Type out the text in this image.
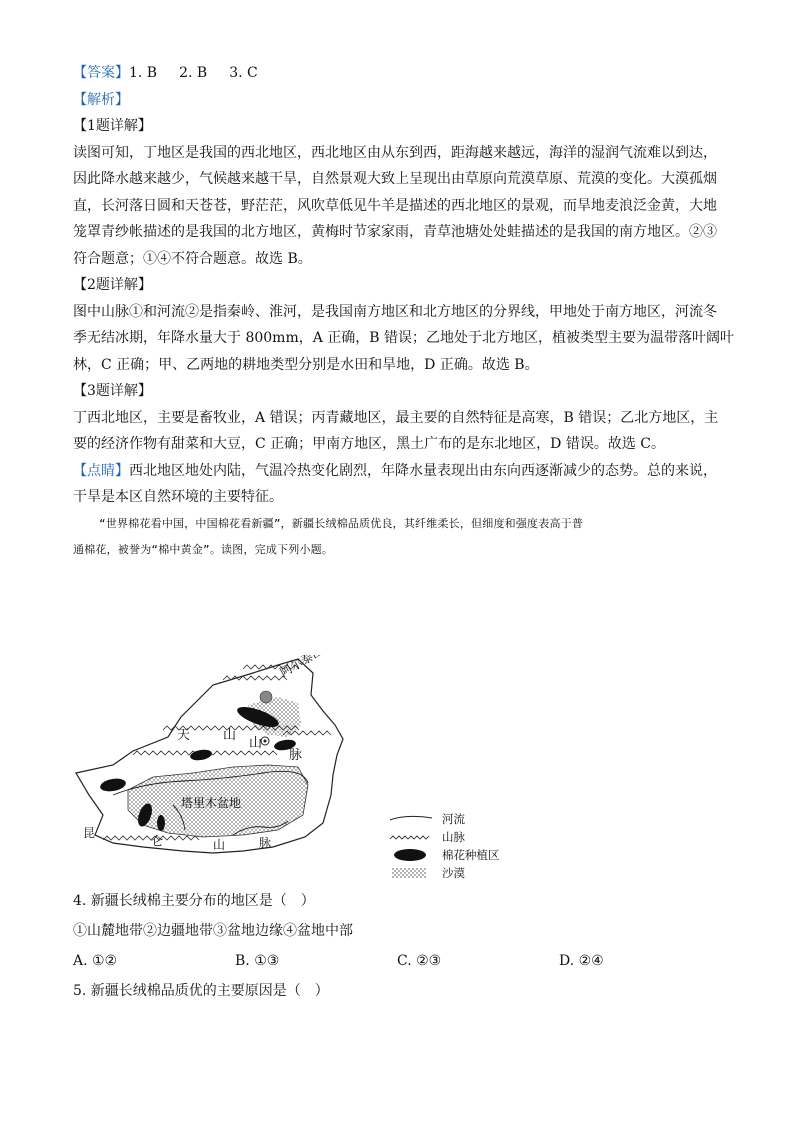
【答案】1. B 2. B 3. C
【解析】
【1题详解】
读图可知，丁地区是我国的西北地区，西北地区由从东到西，距海越来越远，海洋的湿润气流难以到达，
因此降水越来越少，气候越来越干旱，自然景观大致上呈现出由草原向荒漠草原、荒漠的变化。大漠孤烟
直，长河落日圆和天苍苍，野茫茫，风吹草低见牛羊是描述的西北地区的景观，而旱地麦浪泛金黄，大地
笼罩青纱帐描述的是我国的北方地区，黄梅时节家家雨，青草池塘处处蛙描述的是我国的南方地区。②③
符合题意；①④不符合题意。故选 B。
【2题详解】
图中山脉①和河流②是指秦岭、淮河，是我国南方地区和北方地区的分界线，甲地处于南方地区，河流冬
季无结冰期，年降水量大于 800mm，A 正确，B 错误；乙地处于北方地区，植被类型主要为温带落叶阔叶
林，C 正确；甲、乙两地的耕地类型分别是水田和旱地，D 正确。故选 B。
【3题详解】
丁西北地区，主要是畜牧业，A 错误；丙青藏地区，最主要的自然特征是高寒，B 错误；乙北方地区，主
要的经济作物有甜菜和大豆，C 正确；甲南方地区，黑土广布的是东北地区，D 错误。故选 C。
【点睛】西北地区地处内陆，气温冷热变化剧烈，年降水量表现出由东向西逐渐减少的态势。总的来说，
干旱是本区自然环境的主要特征。
“世界棉花看中国，中国棉花看新疆”，新疆长绒棉品质优良，其纤维柔长，但细度和强度表高于普
通棉花，被誉为“棉中黄金”。读图，完成下列小题。
阿尔泰山脉
天	山
山
脉
塔里木盆地
昆
仑	山	脉
河流
山脉
棉花种植区
沙漠
4. 新疆长绒棉主要分布的地区是（　）
①山麓地带②边疆地带③盆地边缘④盆地中部
A. ①②	B. ①③	C. ②③	D. ②④
5. 新疆长绒棉品质优的主要原因是（　）
